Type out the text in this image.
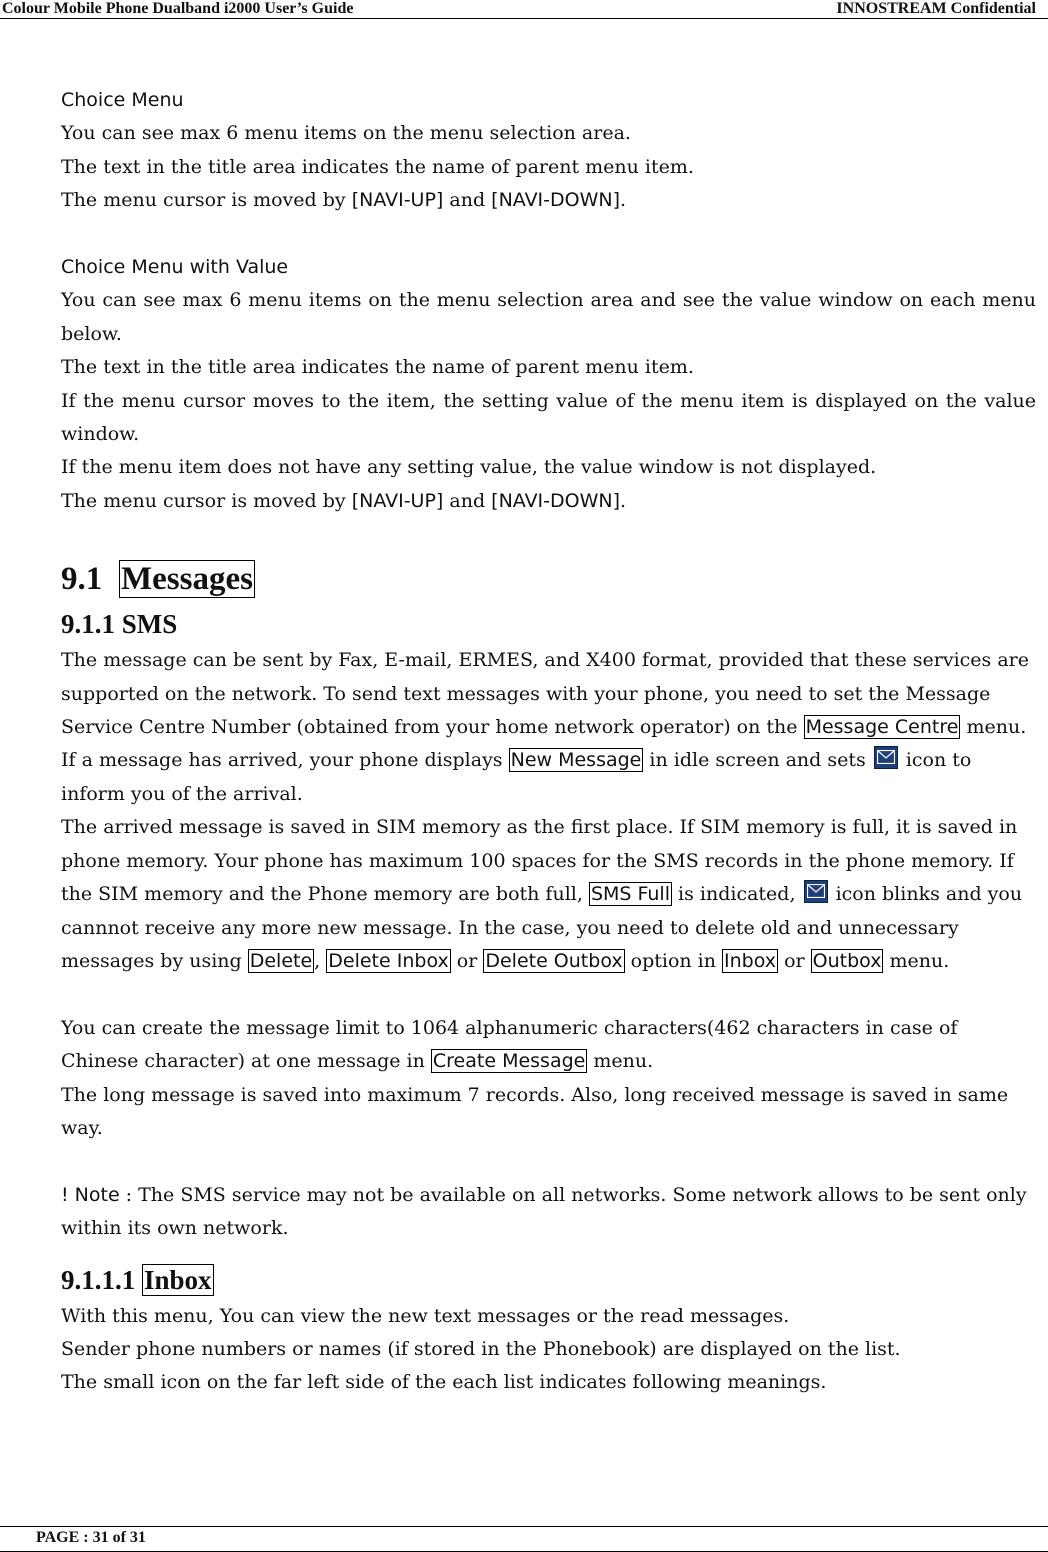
Colour Mobile Phone Dualband i2000 User’s Guide	INNOSTREAM Confidential

Choice Menu

You can see max 6 menu items on the menu selection area.

The text in the title area indicates the name of parent menu item.

The menu cursor is moved by [NAVI-UP] and [NAVI-DOWN].

Choice Menu with Value

You can see max 6 menu items on the menu selection area and see the value window on each menu below.

The text in the title area indicates the name of parent menu item.

If the menu cursor moves to the item, the setting value of the menu item is displayed on the value window.

If the menu item does not have any setting value, the value window is not displayed.

The menu cursor is moved by [NAVI-UP] and [NAVI-DOWN].

9.1 Messages

9.1.1 SMS

The message can be sent by Fax, E-mail, ERMES, and X400 format, provided that these services are supported on the network. To send text messages with your phone, you need to set the Message Service Centre Number (obtained from your home network operator) on the Message Centre menu.

If a message has arrived, your phone displays New Message in idle screen and sets
icon to inform you of the arrival.

The arrived message is saved in SIM memory as the first place. If SIM memory is full, it is saved in phone memory. Your phone has maximum 100 spaces for the SMS records in the phone memory. If the SIM memory and the Phone memory are both full, SMS Full is indicated,
icon blinks and you cannnot receive any more new message. In the case, you need to delete old and unnecessary messages by using Delete , Delete Inbox or Delete Outbox option in Inbox or Outbox menu.

You can create the message limit to 1064 alphanumeric characters(462 characters in case of Chinese character) at one message in Create Message menu.

The long message is saved into maximum 7 records. Also, long received message is saved in same way.

! Note : The SMS service may not be available on all networks. Some network allows to be sent only within its own network.

9.1.1.1 Inbox

With this menu, You can view the new text messages or the read messages.

Sender phone numbers or names (if stored in the Phonebook) are displayed on the list.

The small icon on the far left side of the each list indicates following meanings.

PAGE : 31 of 31
